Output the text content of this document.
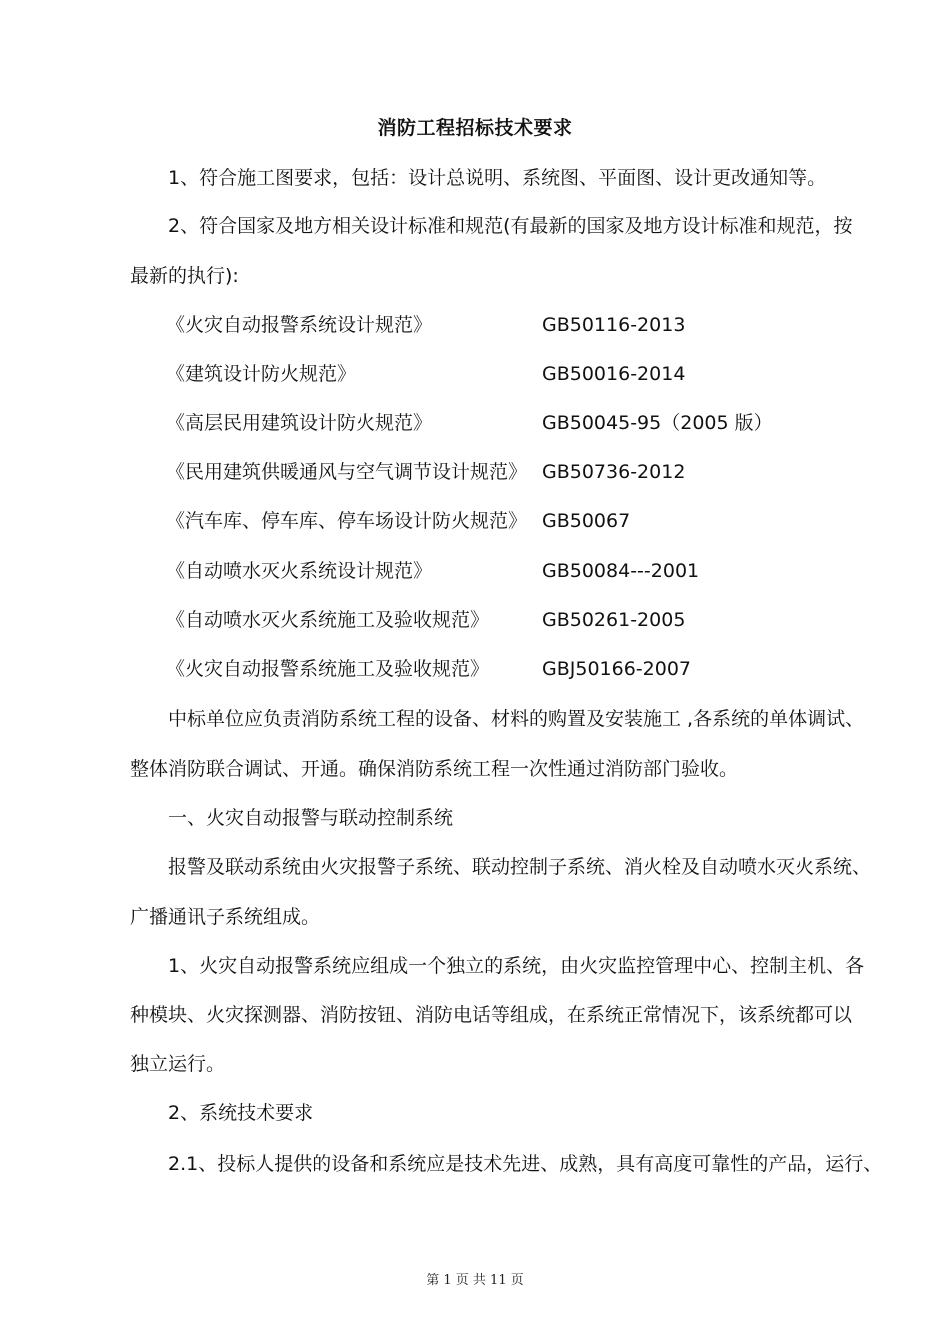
消防工程招标技术要求
1、符合施工图要求，包括：设计总说明、系统图、平面图、设计更改通知等。
2、符合国家及地方相关设计标准和规范(有最新的国家及地方设计标准和规范，按
最新的执行):
《火灾自动报警系统设计规范》	GB50116-2013
《建筑设计防火规范》	GB50016-2014
《高层民用建筑设计防火规范》	GB50045-95（2005 版）
《民用建筑供暖通风与空气调节设计规范》 GB50736-2012
《汽车库、停车库、停车场设计防火规范》 GB50067
《自动喷水灭火系统设计规范》	GB50084---2001
《自动喷水灭火系统施工及验收规范》	GB50261-2005
《火灾自动报警系统施工及验收规范》	GBJ50166-2007
中标单位应负责消防系统工程的设备、材料的购置及安装施工 ,各系统的单体调试、
整体消防联合调试、开通。确保消防系统工程一次性通过消防部门验收。
一、火灾自动报警与联动控制系统
报警及联动系统由火灾报警子系统、联动控制子系统、消火栓及自动喷水灭火系统、
广播通讯子系统组成。
1、火灾自动报警系统应组成一个独立的系统，由火灾监控管理中心、控制主机、各
种模块、火灾探测器、消防按钮、消防电话等组成，在系统正常情况下，该系统都可以
独立运行。
2、系统技术要求
2.1、投标人提供的设备和系统应是技术先进、成熟，具有高度可靠性的产品，运行、
第 1 页 共 11 页
